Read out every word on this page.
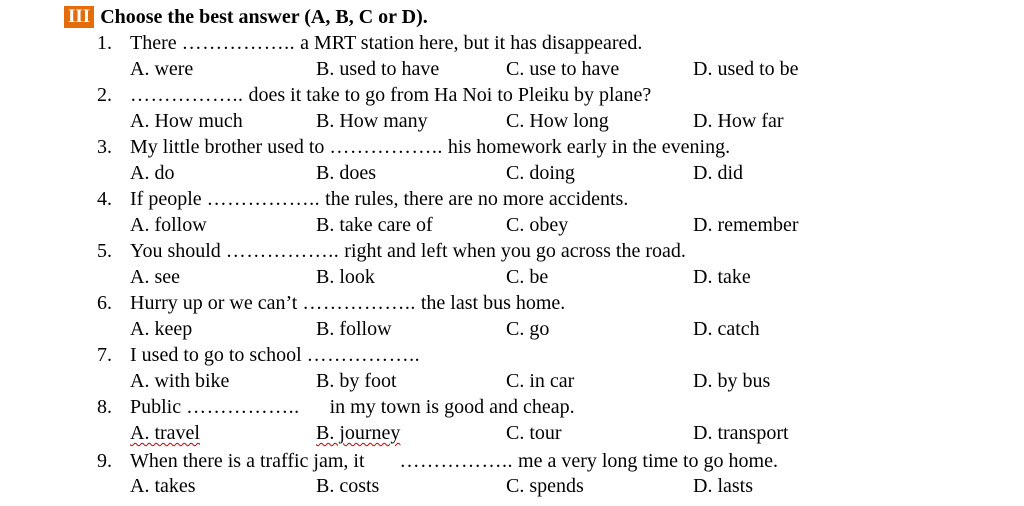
III Choose the best answer (A, B, C or D).
1. There …………….. a MRT station here, but it has disappeared.
A. were	B. used to have	C. use to have	D. used to be
2. …………….. does it take to go from Ha Noi to Pleiku by plane?
A. How much	B. How many	C. How long	D. How far
3. My little brother used to …………….. his homework early in the evening.
A. do	B. does	C. doing	D. did
4. If people …………….. the rules, there are no more accidents.
A. follow	B. take care of	C. obey	D. remember
5. You should …………….. right and left when you go across the road.
A. see	B. look	C. be	D. take
6. Hurry up or we can’t …………….. the last bus home.
A. keep	B. follow	C. go	D. catch
7. I used to go to school ……………..
A. with bike	B. by foot	C. in car	D. by bus
8. Public ……………..      in my town is good and cheap.
A. travel	B. journey	C. tour	D. transport
9. When there is a traffic jam, it       …………….. me a very long time to go home.
A. takes	B. costs	C. spends	D. lasts
